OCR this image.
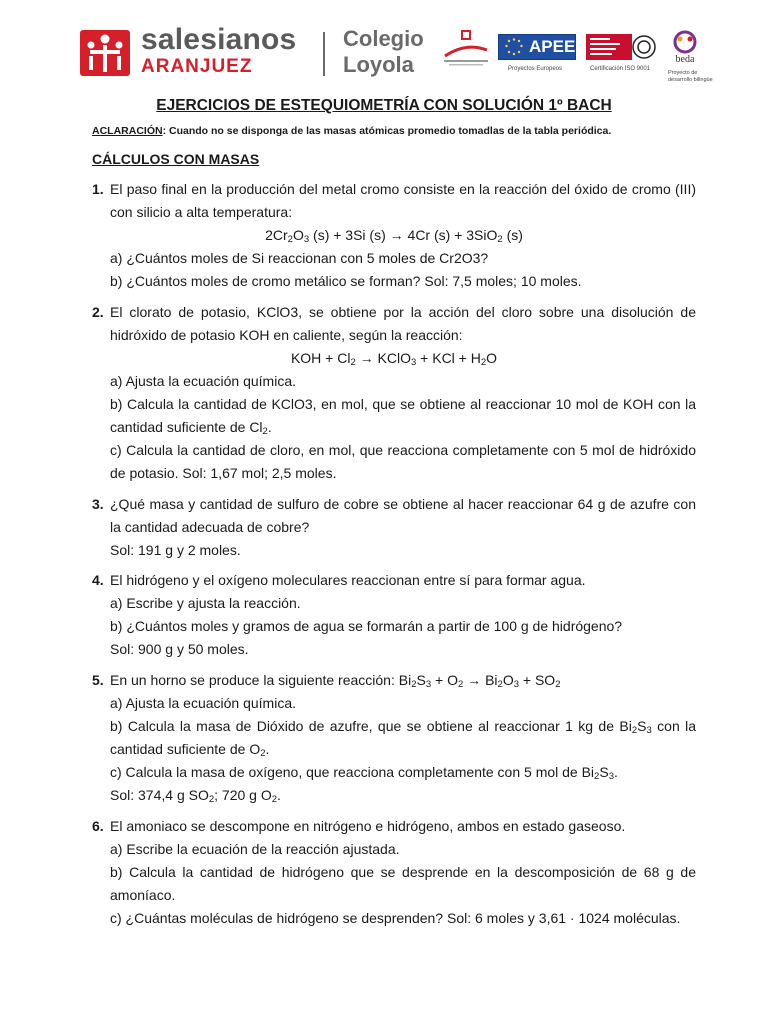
salesianos
ARANJUEZ
Colegio
Loyola
APEE
Proyectos Europeos	Certificación ISO 9001
beda
Proyecto de
desarrollo bilingüe
EJERCICIOS DE ESTEQUIOMETRÍA CON SOLUCIÓN 1º BACH
ACLARACIÓN: Cuando no se disponga de las masas atómicas promedio tomadlas de la tabla periódica.
CÁLCULOS CON MASAS
1. El paso final en la producción del metal cromo consiste en la reacción del óxido de cromo (III) con silicio a alta temperatura:
$2Cr_2O_3$ (s) + 3Si (s) → 4Cr (s) + 3SiO$_2$ (s)
a) ¿Cuántos moles de Si reaccionan con 5 moles de Cr2O3?
b) ¿Cuántos moles de cromo metálico se forman? Sol: 7,5 moles; 10 moles.
2. El clorato de potasio, KClO3, se obtiene por la acción del cloro sobre una disolución de hidróxido de potasio KOH en caliente, según la reacción:
KOH + $Cl_2$ → KClO$_3$ + KCl + $H_2O$
a) Ajusta la ecuación química.
b) Calcula la cantidad de KClO3, en mol, que se obtiene al reaccionar 10 mol de KOH con la cantidad suficiente de $Cl_2$.
c) Calcula la cantidad de cloro, en mol, que reacciona completamente con 5 mol de hidróxido de potasio. Sol: 1,67 mol; 2,5 moles.
3. ¿Qué masa y cantidad de sulfuro de cobre se obtiene al hacer reaccionar 64 g de azufre con la cantidad adecuada de cobre?
Sol: 191 g y 2 moles.
4. El hidrógeno y el oxígeno moleculares reaccionan entre sí para formar agua.
a) Escribe y ajusta la reacción.
b) ¿Cuántos moles y gramos de agua se formarán a partir de 100 g de hidrógeno?
Sol: 900 g y 50 moles.
5. En un horno se produce la siguiente reacción: $Bi_2S_3 + O_2 \to Bi_2O_3 + SO_2$
a) Ajusta la ecuación química.
b) Calcula la masa de Dióxido de azufre, que se obtiene al reaccionar 1 kg de $Bi_2S_3$ con la cantidad suficiente de $O_2$.
c) Calcula la masa de oxígeno, que reacciona completamente con 5 mol de $Bi_2S_3$.
Sol: 374,4 g $SO_2$; 720 g $O_2$.
6. El amoniaco se descompone en nitrógeno e hidrógeno, ambos en estado gaseoso.
a) Escribe la ecuación de la reacción ajustada.
b) Calcula la cantidad de hidrógeno que se desprende en la descomposición de 68 g de amoníaco.
c) ¿Cuántas moléculas de hidrógeno se desprenden? Sol: 6 moles y 3,61 · 1024 moléculas.
